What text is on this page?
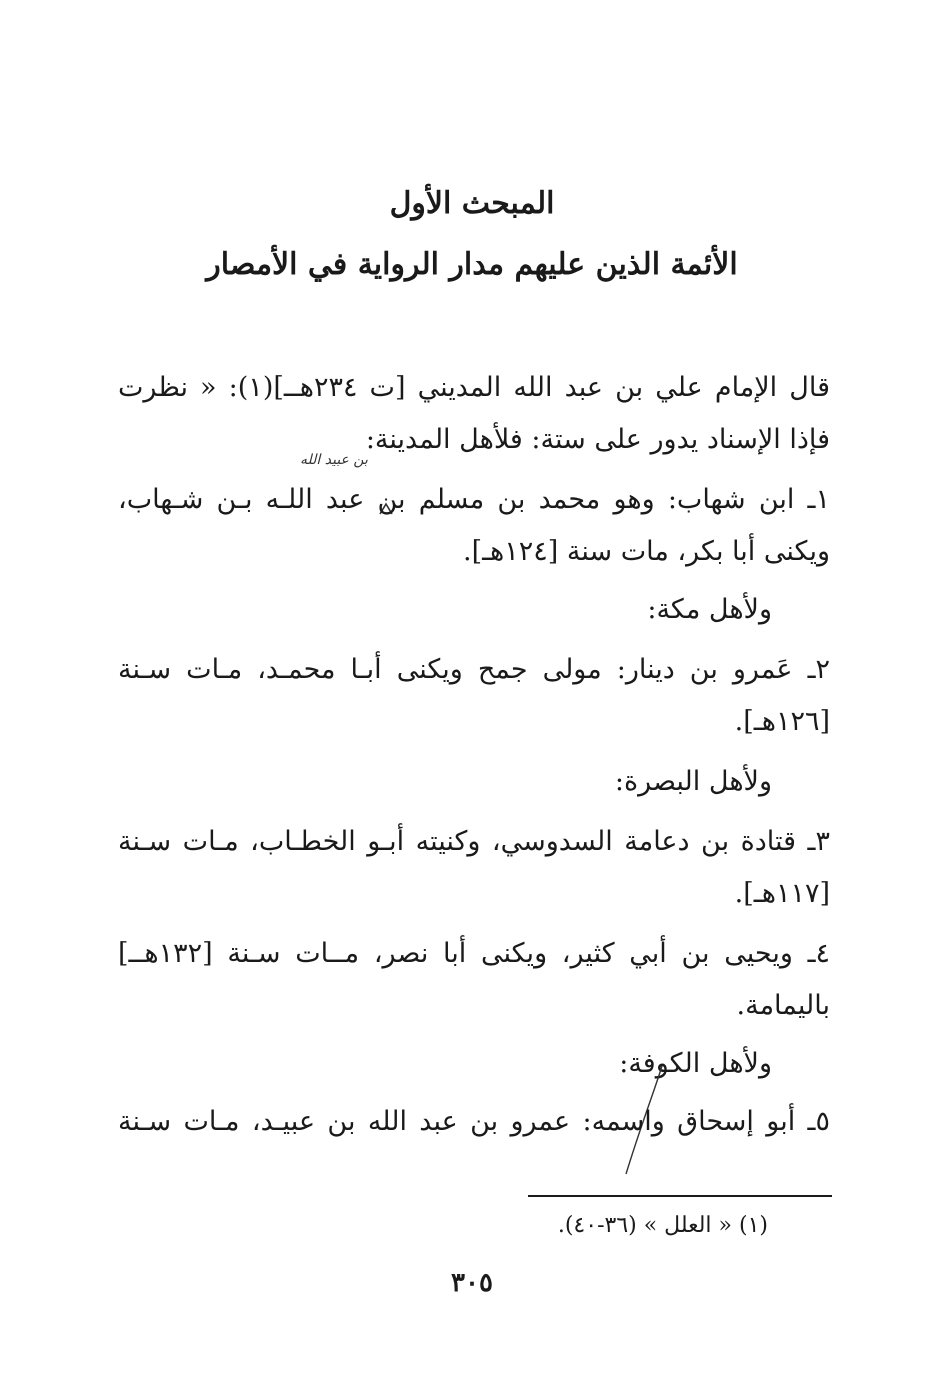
المبحث الأول
الأئمة الذين عليهم مدار الرواية في الأمصار
قال الإمام علي بن عبد الله المديني [ت ٢٣٤هــ](١): « نظرت
فإذا الإسناد يدور على ستة: فلأهل المدينة:
بن عبيد الله
١ـ ابن شهاب: وهو محمد بن مسلم بن عبد اللـه بـن شـهاب،
ويكنى أبا بكر، مات سنة [١٢٤هـ].
ولأهل مكة:
٢ـ عَمرو بن دينار: مولى جمح ويكنى أبـا محمـد، مـات سـنة
[١٢٦هـ].
ولأهل البصرة:
٣ـ قتادة بن دعامة السدوسي، وكنيته أبـو الخطـاب، مـات سـنة
[١١٧هـ].
٤ـ ويحيى بن أبي كثير، ويكنى أبا نصر، مــات سـنة [١٣٢هــ]
باليمامة.
ولأهل الكوفة:
٥ـ أبو إسحاق واسمه: عمرو بن عبد الله بن عبيـد، مـات سـنة
(١) « العلل » (٣٦-٤٠).
٣٠٥
